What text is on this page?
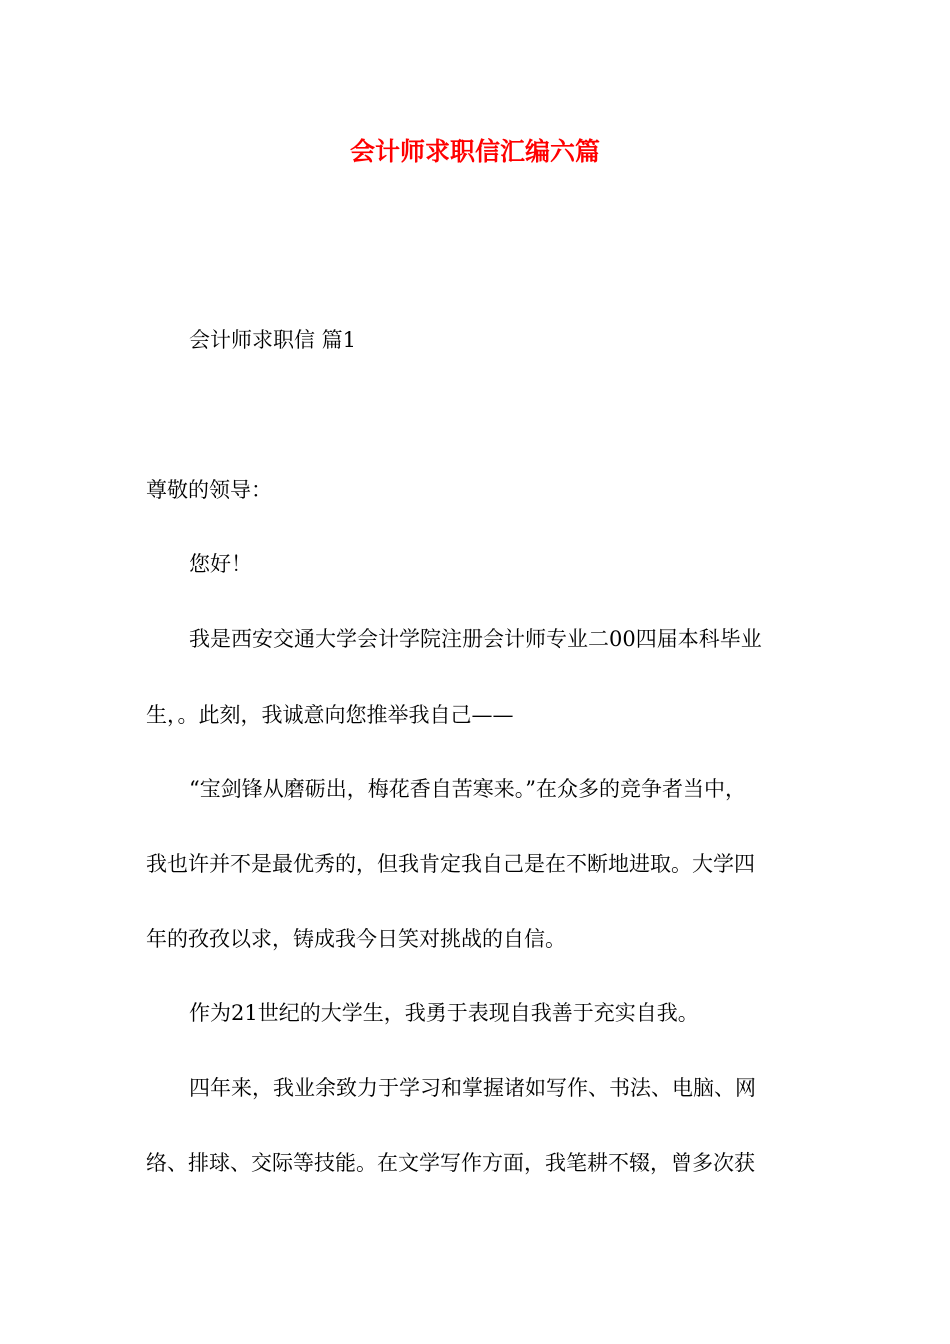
会计师求职信汇编六篇

会计师求职信 篇1

尊敬的领导：

您好！

我是西安交通大学会计学院注册会计师专业二00四届本科毕业

生，。此刻，我诚意向您推举我自己——

“宝剑锋从磨砺出，梅花香自苦寒来。”在众多的竞争者当中，

我也许并不是最优秀的，但我肯定我自己是在不断地进取。大学四

年的孜孜以求，铸成我今日笑对挑战的自信。

作为21世纪的大学生，我勇于表现自我善于充实自我。

四年来，我业余致力于学习和掌握诸如写作、书法、电脑、网

络、排球、交际等技能。在文学写作方面，我笔耕不辍，曾多次获
